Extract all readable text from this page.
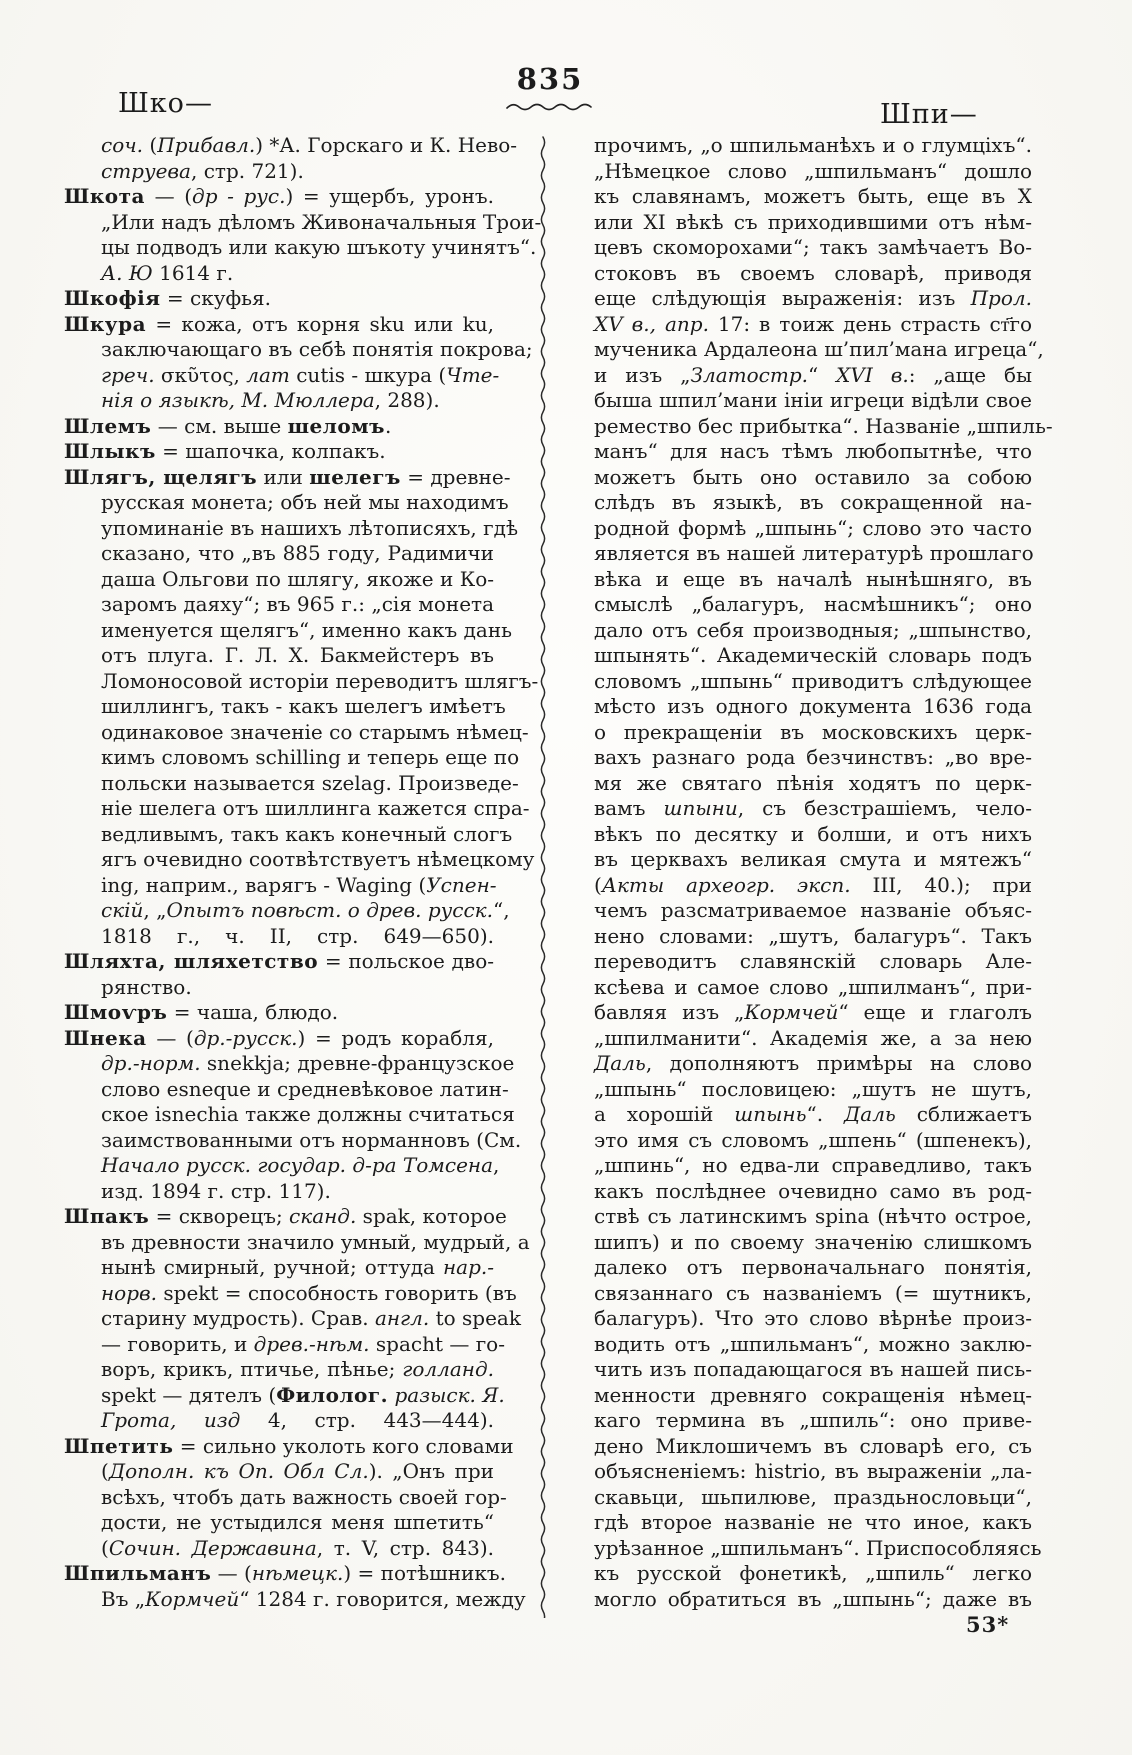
835
Шко—	Шпи—
соч. (Прибавл.) *А. Горскаго и К. Нево-
струева, стр. 721).
Шкота — (др - рус.) = ущербъ, уронъ.
„Или надъ дѣломъ Живоначальныя Трои-
цы подводъ или какую шъкоту учинятъ“.
А. Ю 1614 г.
Шкофія = скуфья.
Шкура = кожа, отъ корня sku или ku,
заключающаго въ себѣ понятія покрова;
греч. σκῦτος, лат cutis - шкура (Чте-
нія о языкѣ, М. Мюллера, 288).
Шлемъ — см. выше шеломъ.
Шлыкъ = шапочка, колпакъ.
Шлягъ, щелягъ или шелегъ = древне-
русская монета; объ ней мы находимъ
упоминаніе въ нашихъ лѣтописяхъ, гдѣ
сказано, что „въ 885 году, Радимичи
даша Ольгови по шлягу, якоже и Ко-
заромъ даяху“; въ 965 г.: „сія монета
именуется щелягъ“, именно какъ дань
отъ плуга. Г. Л. Х. Бакмейстеръ въ
Ломоносовой исторіи переводитъ шлягъ-
шиллингъ, такъ - какъ шелегъ имѣетъ
одинаковое значеніе со старымъ нѣмец-
кимъ словомъ schilling и теперь еще по
польски называется szelag. Произведе-
ніе шелега отъ шиллинга кажется спра-
ведливымъ, такъ какъ конечный слогъ
ягъ очевидно соотвѣтствуетъ нѣмецкому
ing, наприм., варягъ - Waging (Успен-
скій, „Опытъ повѣст. о древ. русск.“,
1818 г., ч. II, стр. 649—650).
Шляхта, шляхетство = польское дво-
рянство.
Шмоѵръ = чаша, блюдо.
Шнека — (др.-русск.) = родъ корабля,
др.-норм. snekkja; древне-французское
слово esneque и средневѣковое латин-
ское isnechia также должны считаться
заимствованными отъ норманновъ (См.
Начало русск. государ. д-ра Томсена,
изд. 1894 г. стр. 117).
Шпакъ = скворецъ; сканд. spak, которое
въ древности значило умный, мудрый, а
нынѣ смирный, ручной; оттуда нар.-
норв. spekt = способность говорить (въ
старину мудрость). Срав. англ. to speak
— говорить, и древ.-нѣм. spacht — го-
воръ, крикъ, птичье, пѣнье; голланд.
spekt — дятелъ (Филолог. разыск. Я.
Грота, изд 4, стр. 443—444).
Шпетить = сильно уколоть кого словами
(Дополн. къ Оп. Обл Сл.). „Онъ при
всѣхъ, чтобъ дать важность своей гор-
дости, не устыдился меня шпетить“
(Сочин. Державина, т. V, стр. 843).
Шпильманъ — (нѣмецк.) = потѣшникъ.
Въ „Кормчей“ 1284 г. говорится, между
прочимъ, „о шпильманѣхъ и о глумціхъ“.
„Нѣмецкое слово „шпильманъ“ дошло
къ славянамъ, можетъ быть, еще въ X
или XI вѣкѣ съ приходившими отъ нѣм-
цевъ скоморохами“; такъ замѣчаетъ Во-
стоковъ въ своемъ словарѣ, приводя
еще слѣдующія выраженія: изъ Прол.
XV в., апр. 17: в тоиж день страсть ст҃го
мученика Ардалеона ш’пил’мана игреца“,
и изъ „Златостр.“ XVI в.: „аще бы
быша шпил’мани ініи игреци відѣли свое
ремество бес прибытка“. Названіе „шпиль-
манъ“ для насъ тѣмъ любопытнѣе, что
можетъ быть оно оставило за собою
слѣдъ въ языкѣ, въ сокращенной на-
родной формѣ „шпынь“; слово это часто
является въ нашей литературѣ прошлаго
вѣка и еще въ началѣ нынѣшняго, въ
смыслѣ „балагуръ, насмѣшникъ“; оно
дало отъ себя производныя; „шпынство,
шпынять“. Академическій словарь подъ
словомъ „шпынь“ приводитъ слѣдующее
мѣсто изъ одного документа 1636 года
о прекращеніи въ московскихъ церк-
вахъ разнаго рода безчинствъ: „во вре-
мя же святаго пѣнія ходятъ по церк-
вамъ шпыни, съ безстрашіемъ, чело-
вѣкъ по десятку и болши, и отъ нихъ
въ церквахъ великая смута и мятежъ“
(Акты археогр. эксп. III, 40.); при
чемъ разсматриваемое названіе объяс-
нено словами: „шутъ, балагуръ“. Такъ
переводитъ славянскій словарь Але-
ксѣева и самое слово „шпилманъ“, при-
бавляя изъ „Кормчей“ еще и глаголъ
„шпилманити“. Академія же, а за нею
Даль, дополняютъ примѣры на слово
„шпынь“ пословицею: „шутъ не шутъ,
а хорошій шпынь“. Даль сближаетъ
это имя съ словомъ „шпень“ (шпенекъ),
„шпинь“, но едва-ли справедливо, такъ
какъ послѣднее очевидно само въ род-
ствѣ съ латинскимъ spina (нѣчто острое,
шипъ) и по своему значенію слишкомъ
далеко отъ первоначальнаго понятія,
связаннаго съ названіемъ (= шутникъ,
балагуръ). Что это слово вѣрнѣе произ-
водить отъ „шпильманъ“, можно заклю-
чить изъ попадающагося въ нашей пись-
менности древняго сокращенія нѣмец-
каго термина въ „шпиль“: оно приве-
дено Миклошичемъ въ словарѣ его, съ
объясненіемъ: histrio, въ выраженіи „ла-
скавьци, шьпилюве, праздьнословьци“,
гдѣ второе названіе не что иное, какъ
урѣзанное „шпильманъ“. Приспособляясь
къ русской фонетикѣ, „шпиль“ легко
могло обратиться въ „шпынь“; даже въ
53*
